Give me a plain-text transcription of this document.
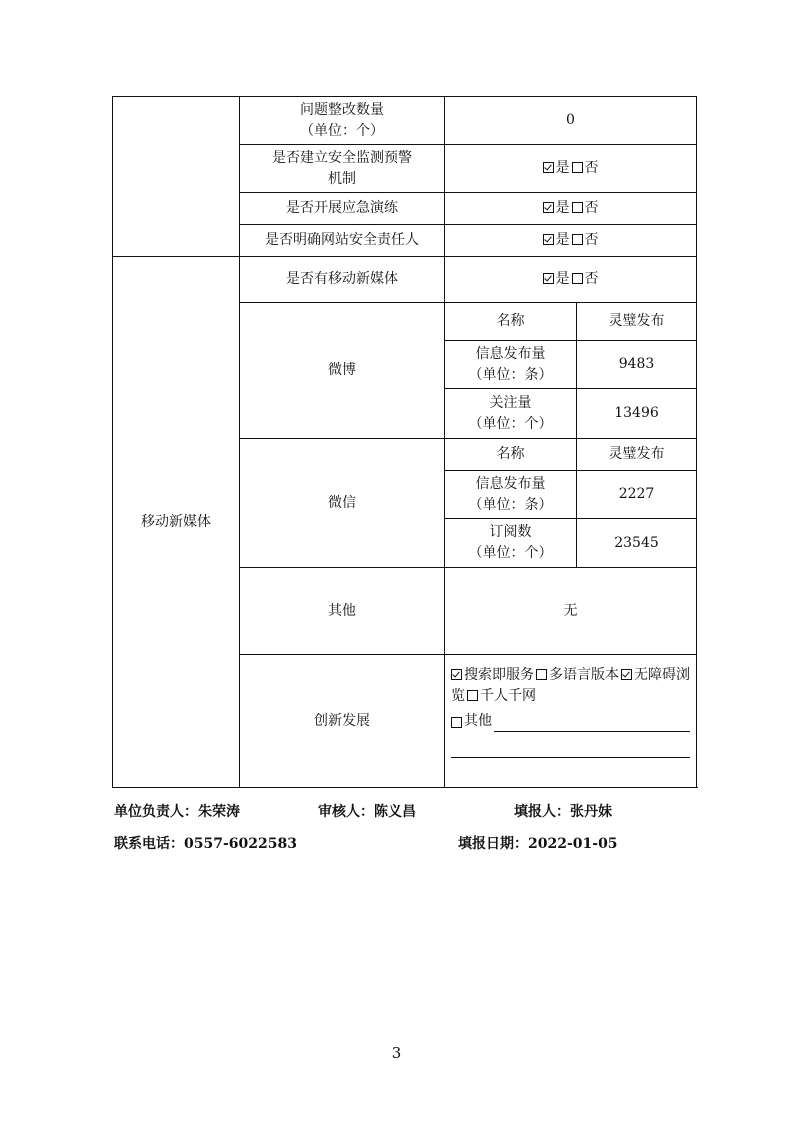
	问题整改数量
（单位：个）	0	

	是否建立安全监测预警
机制	是 否	
	是否开展应急演练	是 否	
	是否明确网站安全责任人	是 否	
移动新媒体	是否有移动新媒体	是 否	
	微博	名称	灵璧发布

		信息发布量
（单位：条）	9483

		关注量
（单位：个）	13496
	微信	名称	灵璧发布

		信息发布量
（单位：条）	2227

		订阅数
（单位：个）	23545
	其他	无	
	创新发展	搜索即服务 多语言版本 无障碍浏览 千人千网
其他	
单位负责人：朱荣涛	审核人：陈义昌	填报人：张丹妹
联系电话：0557-6022583	填报日期：2022-01-05
3
